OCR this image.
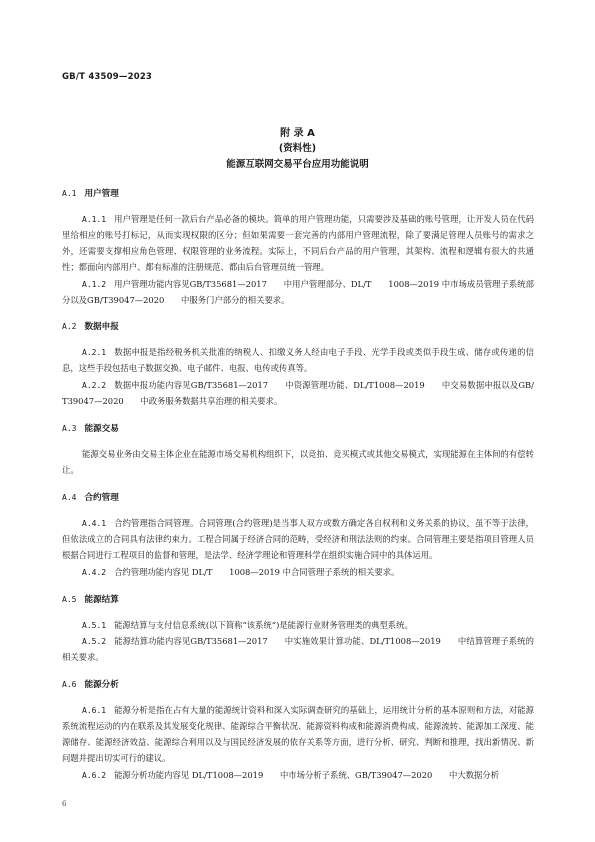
GB/T 43509—2023
附 录 A
(资料性)
能源互联网交易平台应用功能说明
A.1 用户管理

A.1.1 用户管理是任何一款后台产品必备的模块。简单的用户管理功能，只需要涉及基础的账号管理，让开发人员在代码里给相应的账号打标记，从而实现权限的区分；但如果需要一套完善的内部用户管理流程，除了要满足管理人员账号的需求之外，还需要支撑相应角色管理、权限管理的业务流程。实际上，不同后台产品的用户管理，其架构、流程和逻辑有很大的共通性；都面向内部用户、都有标准的注册规范、都由后台管理员统一管理。

A.1.2 用户管理功能内容见GB/T35681—2017　　中用户管理部分、DL/T　　1008—2019 中市场成员管理子系统部分以及GB/T39047—2020　　中服务门户部分的相关要求。

A.2 数据申报

A.2.1 数据申报是指经税务机关批准的纳税人、扣缴义务人经由电子手段、光学手段或类似手段生成、储存或传递的信息，这些手段包括电子数据交换、电子邮件、电报、电传或传真等。

A.2.2 数据申报功能内容见GB/T35681—2017　　中资源管理功能、DL/T1008—2019　　中交易数据申报以及GB/T39047—2020　　中政务服务数据共享治理的相关要求。

A.3 能源交易

能源交易业务由交易主体企业在能源市场交易机构组织下，以竞拍、竞买模式或其他交易模式，实现能源在主体间的有偿转让。

A.4 合约管理

A.4.1 合约管理指合同管理。合同管理(合约管理)是当事人双方或数方确定各自权利和义务关系的协议，虽不等于法律，但依法成立的合同具有法律约束力。工程合同属于经济合同的范畴，受经济和刑法法则的约束。合同管理主要是指项目管理人员根据合同进行工程项目的监督和管理，是法学、经济学理论和管理科学在组织实施合同中的具体运用。

A.4.2 合约管理功能内容见 DL/T　　1008—2019 中合同管理子系统的相关要求。

A.5 能源结算

A.5.1 能源结算与支付信息系统(以下简称“该系统”)是能源行业财务管理类的典型系统。

A.5.2 能源结算功能内容见GB/T35681—2017　　中实施效果计算功能、DL/T1008—2019　　中结算管理子系统的相关要求。

A.6 能源分析

A.6.1 能源分析是指在占有大量的能源统计资料和深入实际调查研究的基础上，运用统计分析的基本原则和方法，对能源系统流程运动的内在联系及其发展变化规律、能源综合平衡状况、能源资料构成和能源消费构成、能源流转、能源加工深度、能源储存、能源经济效益、能源综合利用以及与国民经济发展的依存关系等方面，进行分析、研究、判断和推理，找出新情况、新问题并提出切实可行的建议。

A.6.2 能源分析功能内容见 DL/T1008—2019　　中市场分析子系统、GB/T39047—2020　　中大数据分析

6
